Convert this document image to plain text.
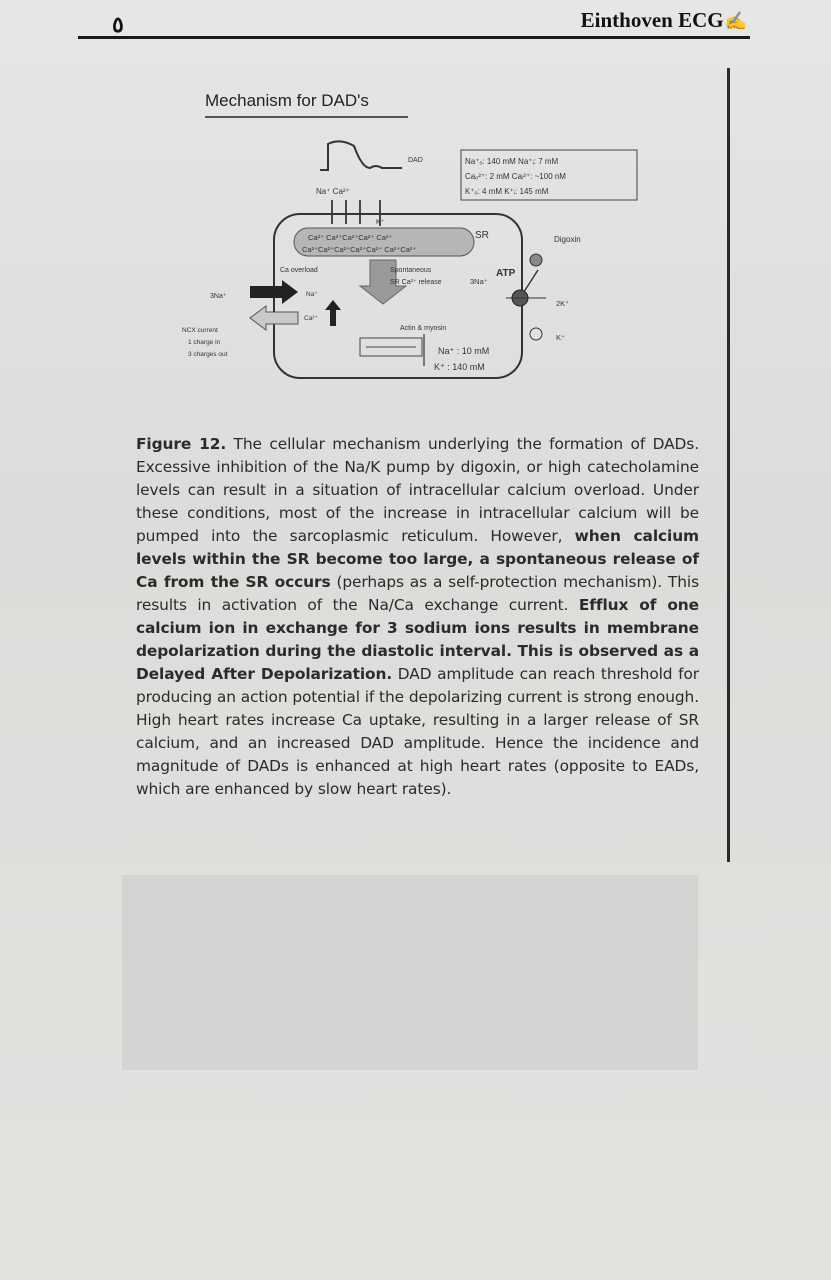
٥	Einthoven ECG✍
Mechanism for DAD's
DAD
Na⁺ Ca²⁺
Na⁺ₒ: 140 mM Na⁺ᵢ: 7 mM
Caₒ²⁺: 2 mM Caᵢ²⁺: ~100 nM
K⁺ₒ: 4 mM K⁺ᵢ: 145 mM
K⁺
Ca²⁺ Ca²⁺Ca²⁺Ca²⁺ Ca²⁺
Ca²⁺Ca²⁺Ca²⁺Ca²⁺Ca²⁺ Ca²⁺Ca²⁺
SR
Ca overload	Spontaneous
SR Ca²⁺ release	3Na⁺
ATP
Digoxin
2K⁺
K⁺
3Na⁺
NCX current
1 charge in
3 charges out
Na⁺
Ca²⁺
Actin & myosin
Na⁺ : 10 mM
K⁺ : 140 mM
Figure 12. The cellular mechanism underlying the formation of DADs. Excessive inhibition of the Na/K pump by digoxin, or high catecholamine levels can result in a situation of intracellular calcium overload. Under these conditions, most of the increase in intracellular calcium will be pumped into the sarcoplasmic reticulum. However, when calcium levels within the SR become too large, a spontaneous release of Ca from the SR occurs (perhaps as a self-protection mechanism). This results in activation of the Na/Ca exchange current. Efflux of one calcium ion in exchange for 3 sodium ions results in membrane depolarization during the diastolic interval. This is observed as a Delayed After Depolarization. DAD amplitude can reach threshold for producing an action potential if the depolarizing current is strong enough. High heart rates increase Ca uptake, resulting in a larger release of SR calcium, and an increased DAD amplitude. Hence the incidence and magnitude of DADs is enhanced at high heart rates (opposite to EADs, which are enhanced by slow heart rates).
